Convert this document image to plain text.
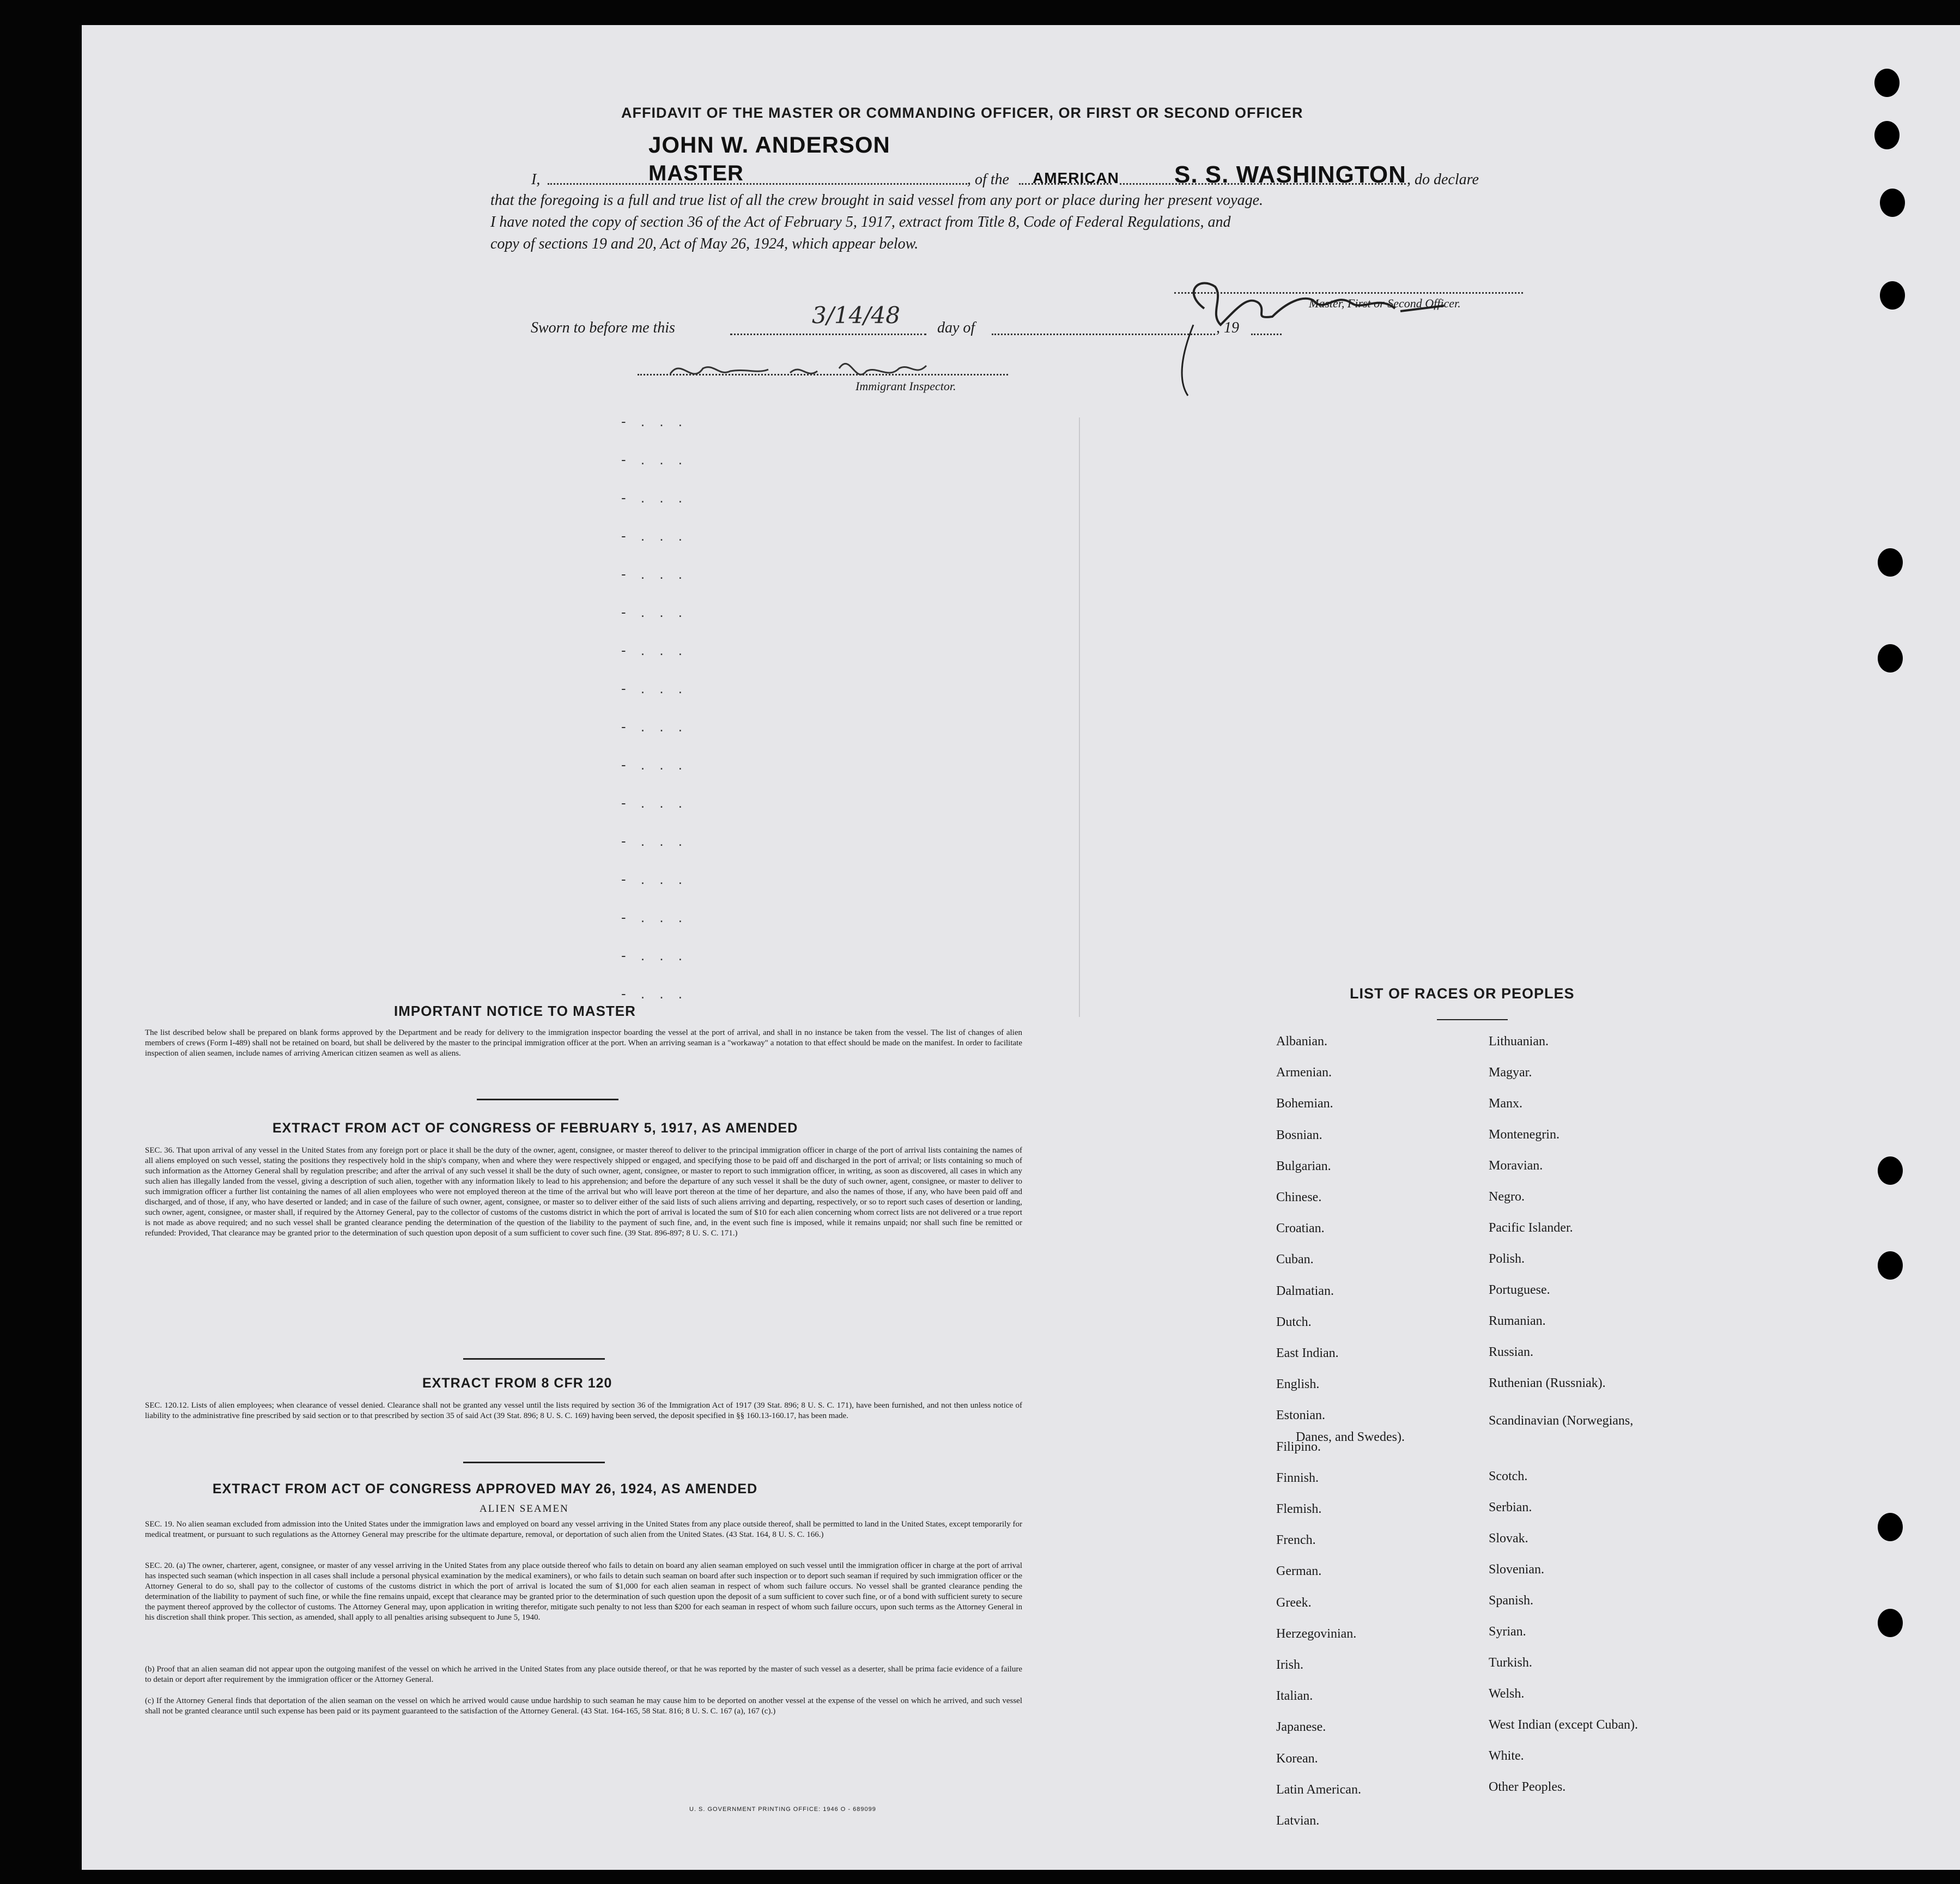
AFFIDAVIT OF THE MASTER OR COMMANDING OFFICER, OR FIRST OR SECOND OFFICER
JOHN W. ANDERSON
I,	MASTER	, of the AMERICAN S. S. WASHINGTON , do declare
that the foregoing is a full and true list of all the crew brought in said vessel from any port or place during her present voyage.
I have noted the copy of section 36 of the Act of February 5, 1917, extract from Title 8, Code of Federal Regulations, and
copy of sections 19 and 20, Act of May 26, 1924, which appear below.
Master, First or Second Officer.
Sworn to before me this	3/14/48 day of	, 19
Immigrant Inspector.
- . . .
- . . .
- . . .
- . . .
- . . .
- . . .
- . . .
- . . .
- . . .
- . . .
- . . .
- . . .
- . . .
- . . .
- . . .
- . . .
IMPORTANT NOTICE TO MASTER
The list described below shall be prepared on blank forms approved by the Department and be ready for delivery to the immigration inspector boarding the vessel at the port of arrival, and shall in no instance be taken from the vessel. The list of changes of alien members of crews (Form I-489) shall not be retained on board, but shall be delivered by the master to the principal immigration officer at the port. When an arriving seaman is a "workaway" a notation to that effect should be made on the manifest. In order to facilitate inspection of alien seamen, include names of arriving American citizen seamen as well as aliens.
EXTRACT FROM ACT OF CONGRESS OF FEBRUARY 5, 1917, AS AMENDED
SEC. 36. That upon arrival of any vessel in the United States from any foreign port or place it shall be the duty of the owner, agent, consignee, or master thereof to deliver to the principal immigration officer in charge of the port of arrival lists containing the names of all aliens employed on such vessel, stating the positions they respectively hold in the ship's company, when and where they were respectively shipped or engaged, and specifying those to be paid off and discharged in the port of arrival; or lists containing so much of such information as the Attorney General shall by regulation prescribe; and after the arrival of any such vessel it shall be the duty of such owner, agent, consignee, or master to report to such immigration officer, in writing, as soon as discovered, all cases in which any such alien has illegally landed from the vessel, giving a description of such alien, together with any information likely to lead to his apprehension; and before the departure of any such vessel it shall be the duty of such owner, agent, consignee, or master to deliver to such immigration officer a further list containing the names of all alien employees who were not employed thereon at the time of the arrival but who will leave port thereon at the time of her departure, and also the names of those, if any, who have been paid off and discharged, and of those, if any, who have deserted or landed; and in case of the failure of such owner, agent, consignee, or master so to deliver either of the said lists of such aliens arriving and departing, respectively, or so to report such cases of desertion or landing, such owner, agent, consignee, or master shall, if required by the Attorney General, pay to the collector of customs of the customs district in which the port of arrival is located the sum of $10 for each alien concerning whom correct lists are not delivered or a true report is not made as above required; and no such vessel shall be granted clearance pending the determination of the question of the liability to the payment of such fine, and, in the event such fine is imposed, while it remains unpaid; nor shall such fine be remitted or refunded: Provided, That clearance may be granted prior to the determination of such question upon deposit of a sum sufficient to cover such fine. (39 Stat. 896-897; 8 U. S. C. 171.)
EXTRACT FROM 8 CFR 120
SEC. 120.12. Lists of alien employees; when clearance of vessel denied. Clearance shall not be granted any vessel until the lists required by section 36 of the Immigration Act of 1917 (39 Stat. 896; 8 U. S. C. 171), have been furnished, and not then unless notice of liability to the administrative fine prescribed by said section or to that prescribed by section 35 of said Act (39 Stat. 896; 8 U. S. C. 169) having been served, the deposit specified in §§ 160.13-160.17, has been made.
EXTRACT FROM ACT OF CONGRESS APPROVED MAY 26, 1924, AS AMENDED
ALIEN SEAMEN
SEC. 19. No alien seaman excluded from admission into the United States under the immigration laws and employed on board any vessel arriving in the United States from any place outside thereof, shall be permitted to land in the United States, except temporarily for medical treatment, or pursuant to such regulations as the Attorney General may prescribe for the ultimate departure, removal, or deportation of such alien from the United States. (43 Stat. 164, 8 U. S. C. 166.)
SEC. 20. (a) The owner, charterer, agent, consignee, or master of any vessel arriving in the United States from any place outside thereof who fails to detain on board any alien seaman employed on such vessel until the immigration officer in charge at the port of arrival has inspected such seaman (which inspection in all cases shall include a personal physical examination by the medical examiners), or who fails to detain such seaman on board after such inspection or to deport such seaman if required by such immigration officer or the Attorney General to do so, shall pay to the collector of customs of the customs district in which the port of arrival is located the sum of $1,000 for each alien seaman in respect of whom such failure occurs. No vessel shall be granted clearance pending the determination of the liability to payment of such fine, or while the fine remains unpaid, except that clearance may be granted prior to the determination of such question upon the deposit of a sum sufficient to cover such fine, or of a bond with sufficient surety to secure the payment thereof approved by the collector of customs. The Attorney General may, upon application in writing therefor, mitigate such penalty to not less than $200 for each seaman in respect of whom such failure occurs, upon such terms as the Attorney General in his discretion shall think proper. This section, as amended, shall apply to all penalties arising subsequent to June 5, 1940.
(b) Proof that an alien seaman did not appear upon the outgoing manifest of the vessel on which he arrived in the United States from any place outside thereof, or that he was reported by the master of such vessel as a deserter, shall be prima facie evidence of a failure to detain or deport after requirement by the immigration officer or the Attorney General.
(c) If the Attorney General finds that deportation of the alien seaman on the vessel on which he arrived would cause undue hardship to such seaman he may cause him to be deported on another vessel at the expense of the vessel on which he arrived, and such vessel shall not be granted clearance until such expense has been paid or its payment guaranteed to the satisfaction of the Attorney General. (43 Stat. 164-165, 58 Stat. 816; 8 U. S. C. 167 (a), 167 (c).)
U. S. GOVERNMENT PRINTING OFFICE: 1946 O - 689099
LIST OF RACES OR PEOPLES
Albanian.
Armenian.
Bohemian.
Bosnian.
Bulgarian.
Chinese.
Croatian.
Cuban.
Dalmatian.
Dutch.
East Indian.
English.
Estonian.
Filipino.
Finnish.
Flemish.
French.
German.
Greek.
Herzegovinian.
Irish.
Italian.
Japanese.
Korean.
Latin American.
Latvian.
Lithuanian.
Magyar.
Manx.
Montenegrin.
Moravian.
Negro.
Pacific Islander.
Polish.
Portuguese.
Rumanian.
Russian.
Ruthenian (Russniak).
Scandinavian (Norwegians,
Danes, and Swedes).
Scotch.
Serbian.
Slovak.
Slovenian.
Spanish.
Syrian.
Turkish.
Welsh.
West Indian (except Cuban).
White.
Other Peoples.
